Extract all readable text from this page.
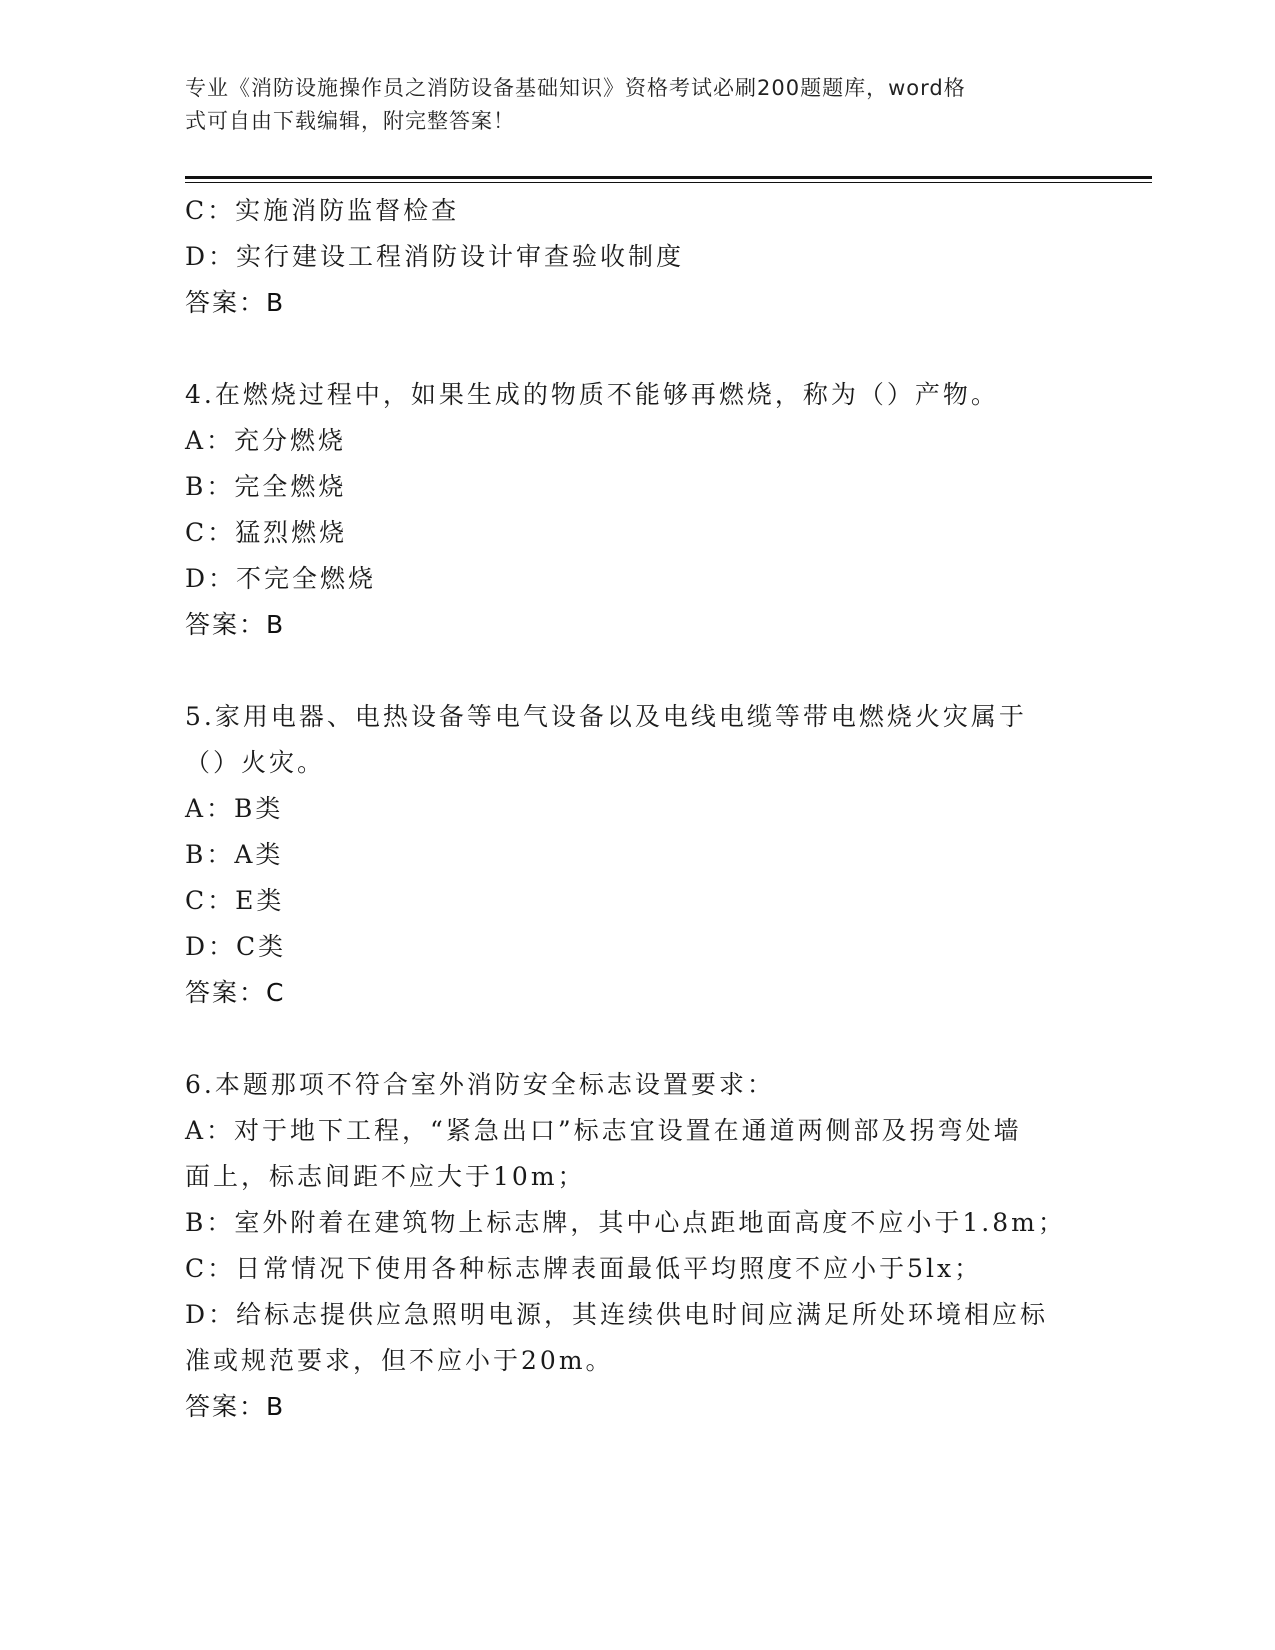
专业《消防设施操作员之消防设备基础知识》资格考试必刷200题题库，word格
式可自由下载编辑，附完整答案！
C：实施消防监督检查
D：实行建设工程消防设计审查验收制度
答案：B
4.在燃烧过程中，如果生成的物质不能够再燃烧，称为（）产物。
A：充分燃烧
B：完全燃烧
C：猛烈燃烧
D：不完全燃烧
答案：B
5.家用电器、电热设备等电气设备以及电线电缆等带电燃烧火灾属于
（）火灾。
A：B类
B：A类
C：E类
D：C类
答案：C
6.本题那项不符合室外消防安全标志设置要求：
A：对于地下工程，“紧急出口”标志宜设置在通道两侧部及拐弯处墙
面上，标志间距不应大于10m；
B：室外附着在建筑物上标志牌，其中心点距地面高度不应小于1.8m；
C：日常情况下使用各种标志牌表面最低平均照度不应小于5lx；
D：给标志提供应急照明电源，其连续供电时间应满足所处环境相应标
准或规范要求，但不应小于20m。
答案：B
